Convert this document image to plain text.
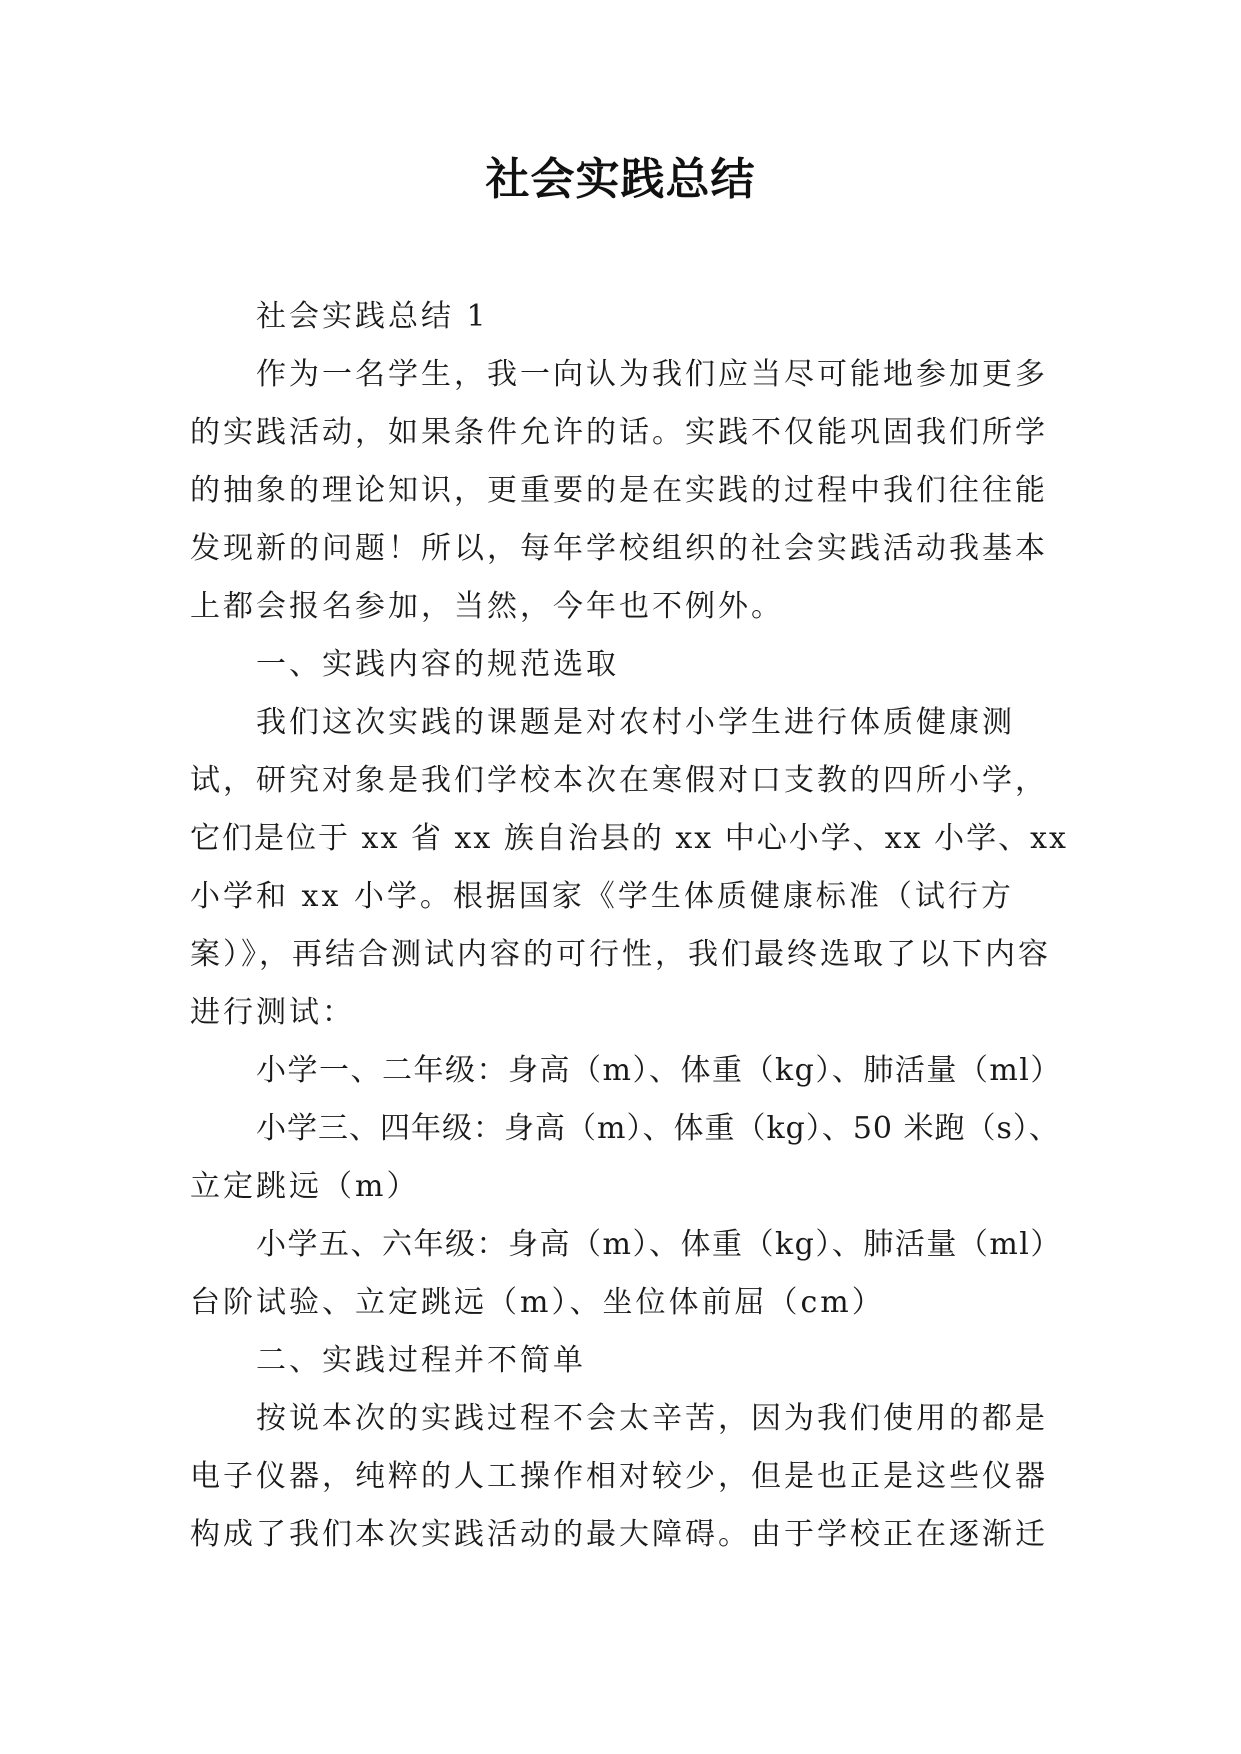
社会实践总结
社会实践总结 1
作为一名学生，我一向认为我们应当尽可能地参加更多
的实践活动，如果条件允许的话。实践不仅能巩固我们所学
的抽象的理论知识，更重要的是在实践的过程中我们往往能
发现新的问题！所以，每年学校组织的社会实践活动我基本
上都会报名参加，当然，今年也不例外。
一、实践内容的规范选取
我们这次实践的课题是对农村小学生进行体质健康测
试，研究对象是我们学校本次在寒假对口支教的四所小学，
它们是位于 xx 省 xx 族自治县的 xx 中心小学、xx 小学、xx
小学和 xx 小学。根据国家《学生体质健康标准（试行方
案）》，再结合测试内容的可行性，我们最终选取了以下内容
进行测试：
小学一、二年级：身高（m）、体重（kg）、肺活量（ml）
小学三、四年级：身高（m）、体重（kg）、50 米跑（s）、
立定跳远（m）
小学五、六年级：身高（m）、体重（kg）、肺活量（ml）
台阶试验、立定跳远（m）、坐位体前屈（cm）
二、实践过程并不简单
按说本次的实践过程不会太辛苦，因为我们使用的都是
电子仪器，纯粹的人工操作相对较少，但是也正是这些仪器
构成了我们本次实践活动的最大障碍。由于学校正在逐渐迁
